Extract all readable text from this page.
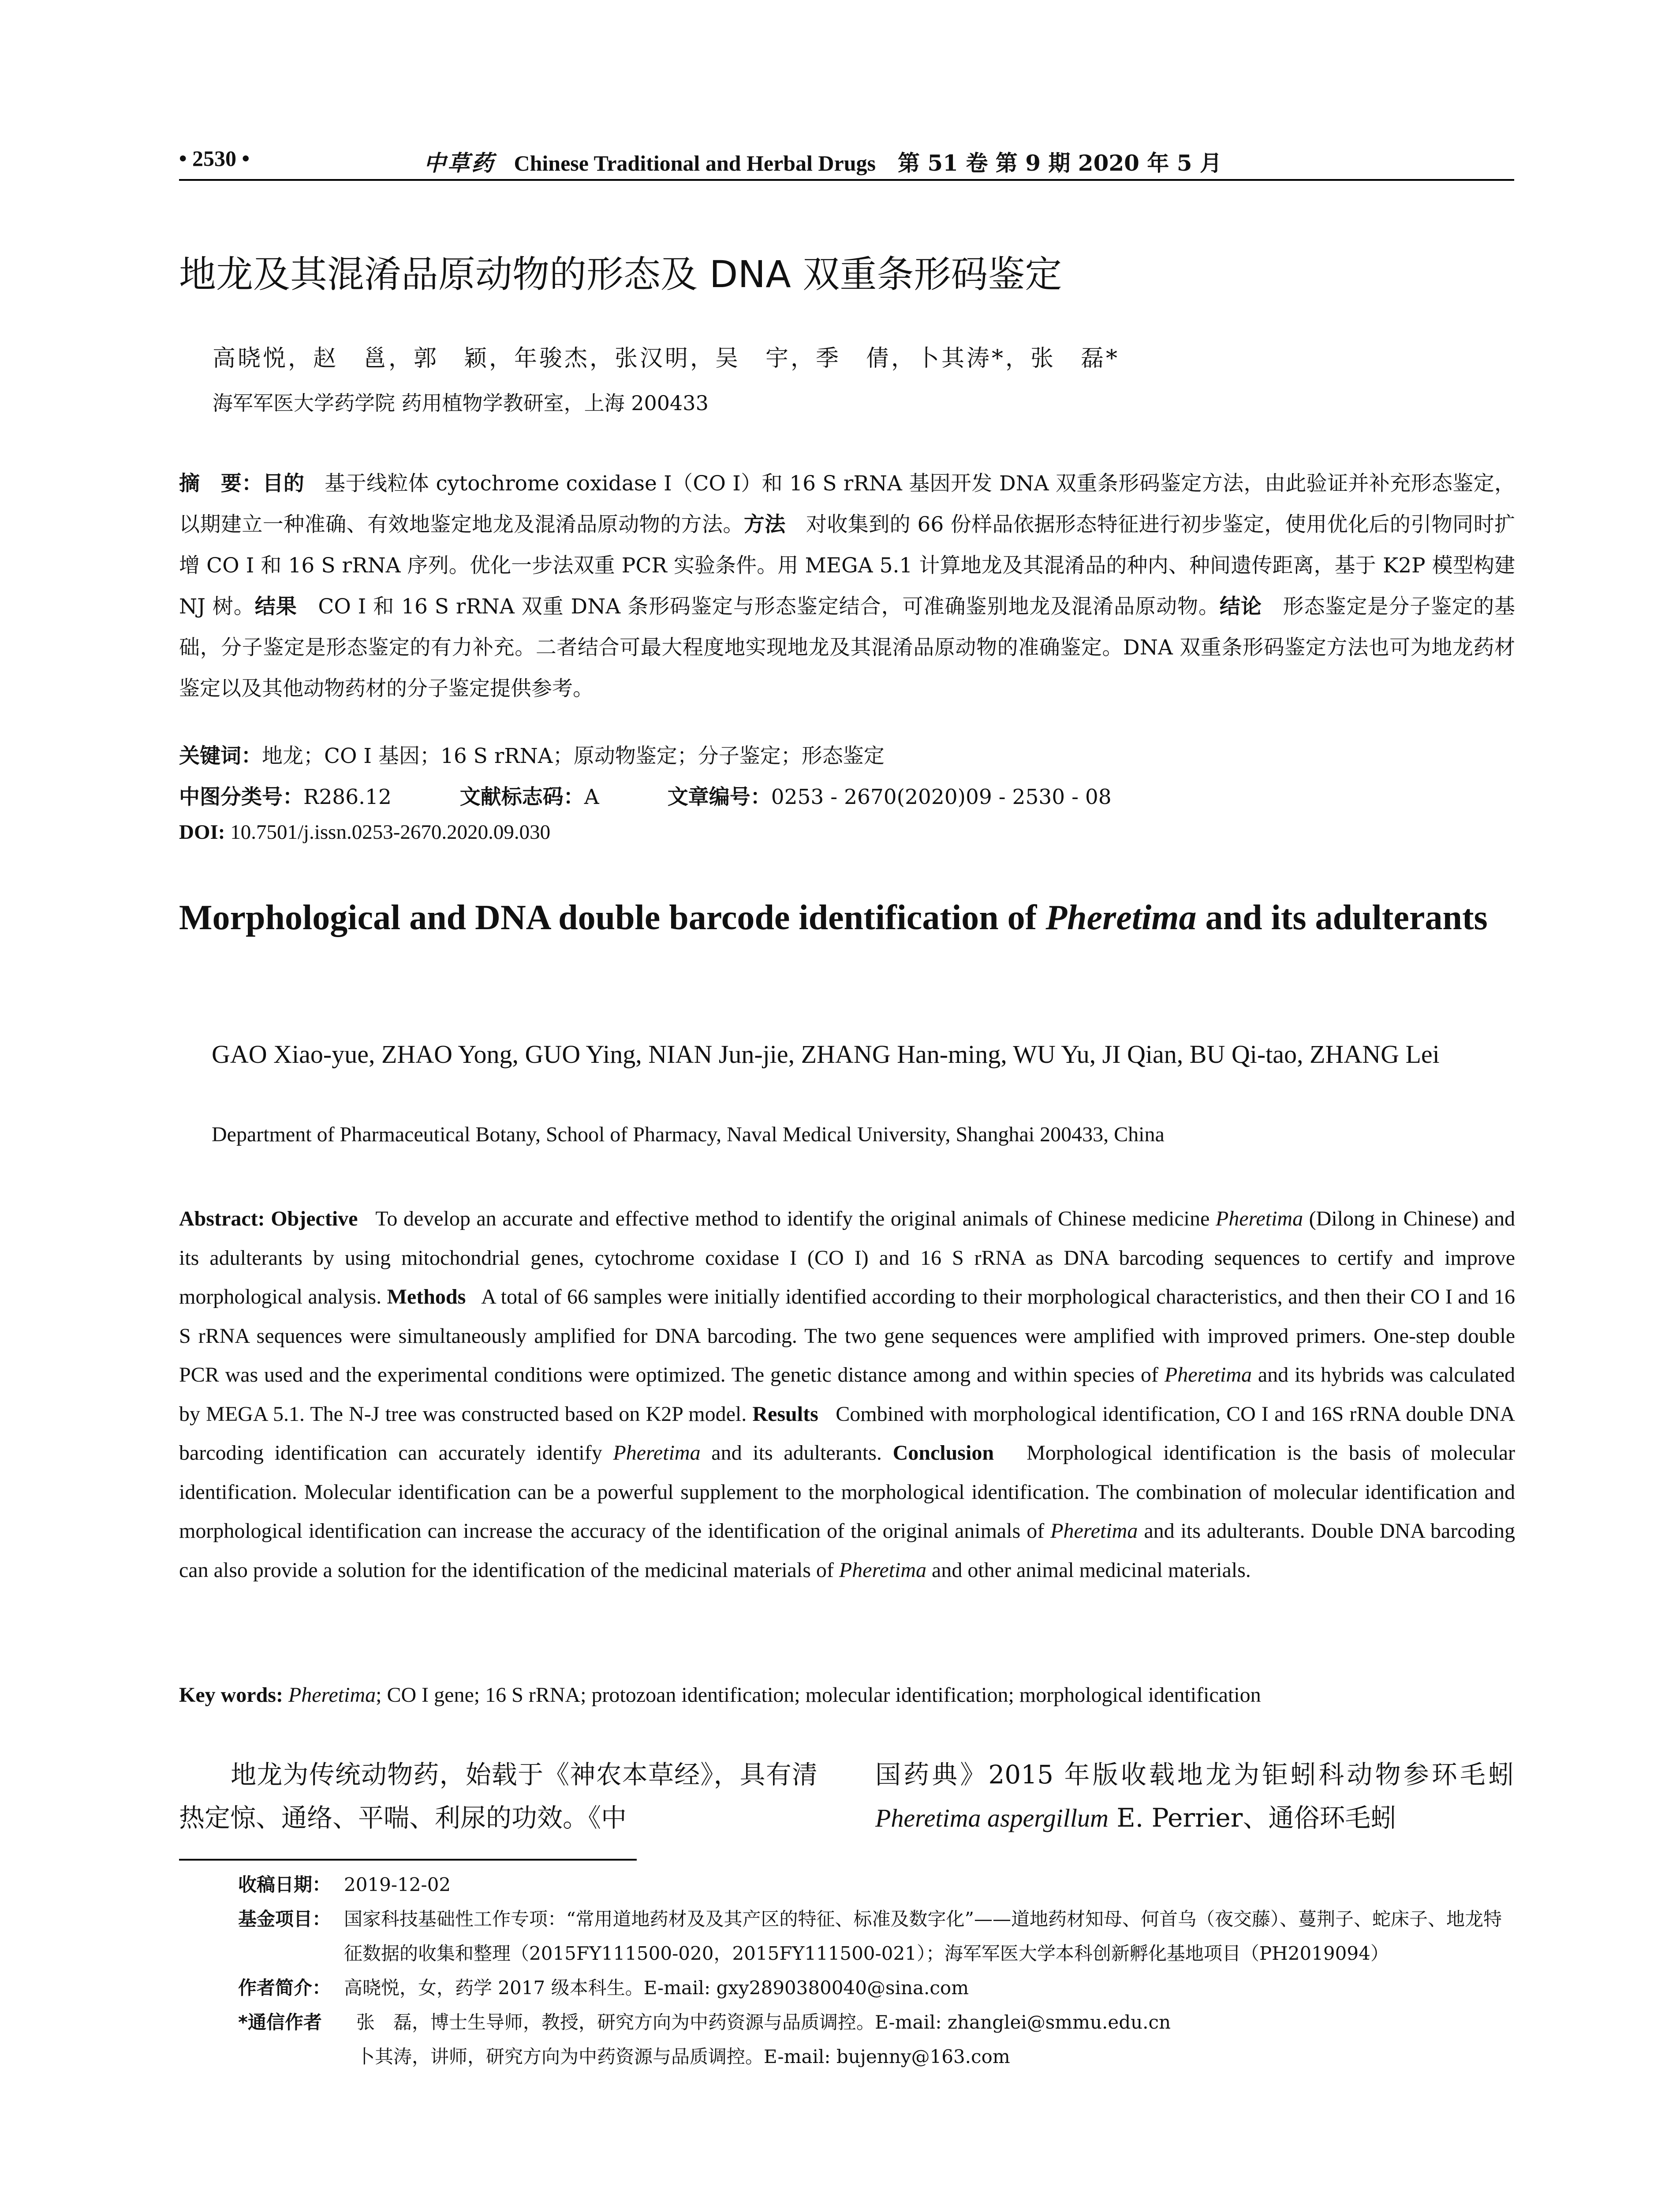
• 2530 •	中草药 Chinese Traditional and Herbal Drugs 第 51 卷 第 9 期 2020 年 5 月
地龙及其混淆品原动物的形态及 DNA 双重条形码鉴定
高晓悦，赵　邕，郭　颖，年骏杰，张汉明，吴　宇，季　倩，卜其涛*，张　磊*
海军军医大学药学院 药用植物学教研室，上海 200433
摘　要：目的 基于线粒体 cytochrome coxidase I（CO I）和 16 S rRNA 基因开发 DNA 双重条形码鉴定方法，由此验证并补充形态鉴定，以期建立一种准确、有效地鉴定地龙及混淆品原动物的方法。方法 对收集到的 66 份样品依据形态特征进行初步鉴定，使用优化后的引物同时扩增 CO I 和 16 S rRNA 序列。优化一步法双重 PCR 实验条件。用 MEGA 5.1 计算地龙及其混淆品的种内、种间遗传距离，基于 K2P 模型构建 NJ 树。结果 CO I 和 16 S rRNA 双重 DNA 条形码鉴定与形态鉴定结合，可准确鉴别地龙及混淆品原动物。结论 形态鉴定是分子鉴定的基础，分子鉴定是形态鉴定的有力补充。二者结合可最大程度地实现地龙及其混淆品原动物的准确鉴定。DNA 双重条形码鉴定方法也可为地龙药材鉴定以及其他动物药材的分子鉴定提供参考。
关键词：地龙；CO I 基因；16 S rRNA；原动物鉴定；分子鉴定；形态鉴定
中图分类号：R286.12	文献标志码：A	文章编号：0253 - 2670(2020)09 - 2530 - 08
DOI: 10.7501/j.issn.0253-2670.2020.09.030
Morphological and DNA double barcode identification of Pheretima and its adulterants
GAO Xiao-yue, ZHAO Yong, GUO Ying, NIAN Jun-jie, ZHANG Han-ming, WU Yu, JI Qian, BU Qi-tao, ZHANG Lei
Department of Pharmaceutical Botany, School of Pharmacy, Naval Medical University, Shanghai 200433, China
Abstract: Objective To develop an accurate and effective method to identify the original animals of Chinese medicine Pheretima (Dilong in Chinese) and its adulterants by using mitochondrial genes, cytochrome coxidase I (CO I) and 16 S rRNA as DNA barcoding sequences to certify and improve morphological analysis. Methods A total of 66 samples were initially identified according to their morphological characteristics, and then their CO I and 16 S rRNA sequences were simultaneously amplified for DNA barcoding. The two gene sequences were amplified with improved primers. One-step double PCR was used and the experimental conditions were optimized. The genetic distance among and within species of Pheretima and its hybrids was calculated by MEGA 5.1. The N-J tree was constructed based on K2P model. Results Combined with morphological identification, CO I and 16S rRNA double DNA barcoding identification can accurately identify Pheretima and its adulterants. Conclusion Morphological identification is the basis of molecular identification. Molecular identification can be a powerful supplement to the morphological identification. The combination of molecular identification and morphological identification can increase the accuracy of the identification of the original animals of Pheretima and its adulterants. Double DNA barcoding can also provide a solution for the identification of the medicinal materials of Pheretima and other animal medicinal materials.
Key words: Pheretima; CO I gene; 16 S rRNA; protozoan identification; molecular identification; morphological identification
地龙为传统动物药，始载于《神农本草经》，具有清热定惊、通络、平喘、利尿的功效。《中
国药典》2015 年版收载地龙为钜蚓科动物参环毛蚓 Pheretima aspergillum E. Perrier、通俗环毛蚓
收稿日期： 2019-12-02
基金项目： 国家科技基础性工作专项：“常用道地药材及及其产区的特征、标准及数字化”——道地药材知母、何首乌（夜交藤）、蔓荆子、蛇床子、地龙特征数据的收集和整理（2015FY111500-020，2015FY111500-021）；海军军医大学本科创新孵化基地项目（PH2019094）
作者简介： 高晓悦，女，药学 2017 级本科生。E-mail: gxy2890380040@sina.com
*通信作者 张　磊，博士生导师，教授，研究方向为中药资源与品质调控。E-mail: zhanglei@smmu.edu.cn
卜其涛，讲师，研究方向为中药资源与品质调控。E-mail: bujenny@163.com
